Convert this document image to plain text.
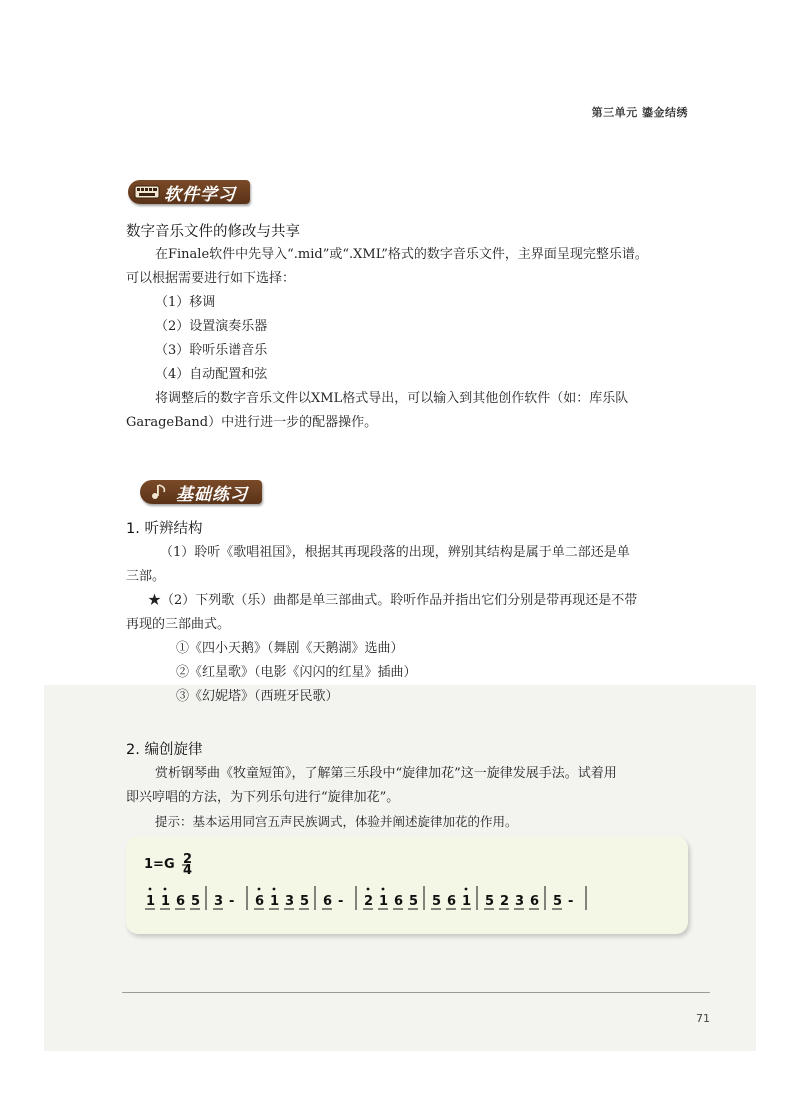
第三单元 鎏金结绣
软件学习
数字音乐文件的修改与共享
在Finale软件中先导入“.mid”或“.XML”格式的数字音乐文件，主界面呈现完整乐谱。
可以根据需要进行如下选择：
（1）移调
（2）设置演奏乐器
（3）聆听乐谱音乐
（4）自动配置和弦
将调整后的数字音乐文件以XML格式导出，可以输入到其他创作软件（如：库乐队
GarageBand）中进行进一步的配器操作。
基础练习
1. 听辨结构
（1）聆听《歌唱祖国》，根据其再现段落的出现，辨别其结构是属于单二部还是单
三部。
★（2）下列歌（乐）曲都是单三部曲式。聆听作品并指出它们分别是带再现还是不带
再现的三部曲式。
①《四小天鹅》（舞剧《天鹅湖》选曲）
②《红星歌》（电影《闪闪的红星》插曲）
③《幻妮塔》（西班牙民歌）
2. 编创旋律
赏析钢琴曲《牧童短笛》，了解第三乐段中“旋律加花”这一旋律发展手法。试着用
即兴哼唱的方法，为下列乐句进行“旋律加花”。
提示：基本运用同宫五声民族调式，体验并阐述旋律加花的作用。
1=G 2
4
1 1 6 5 3 - 6 1 3 5 6 - 2 1 6 5 5 6 1 5 2 3 6 5 -
71
